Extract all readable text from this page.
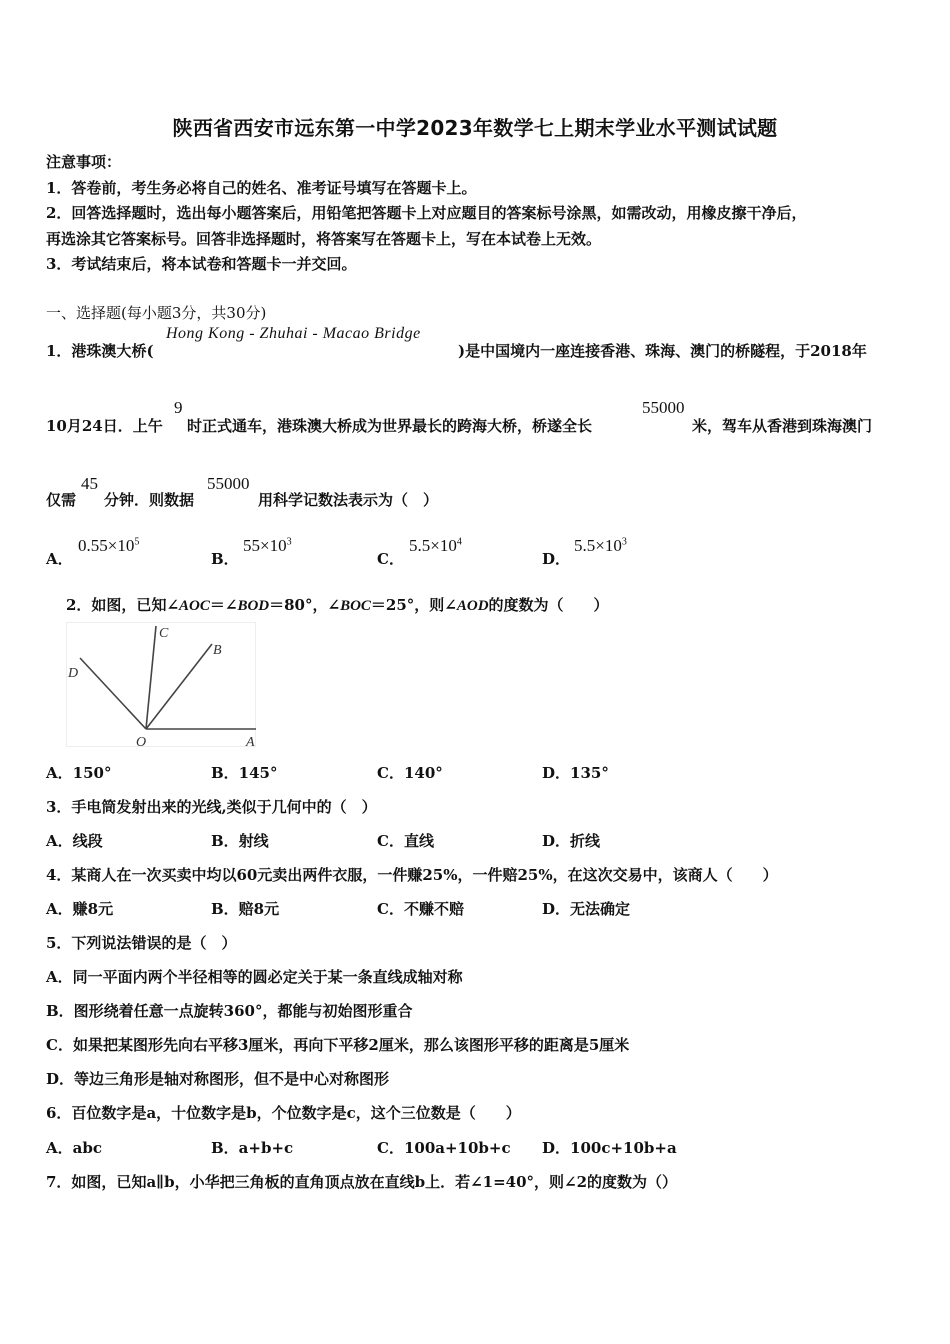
陕西省西安市远东第一中学2023年数学七上期末学业水平测试试题
注意事项：
1．答卷前，考生务必将自己的姓名、准考证号填写在答题卡上。
2．回答选择题时，选出每小题答案后，用铅笔把答题卡上对应题目的答案标号涂黑，如需改动，用橡皮擦干净后，
再选涂其它答案标号。回答非选择题时，将答案写在答题卡上，写在本试卷上无效。
3．考试结束后，将本试卷和答题卡一并交回。
一、选择题(每小题3分，共30分)
1．港珠澳大桥(
Hong Kong - Zhuhai - Macao Bridge
)是中国境内一座连接香港、珠海、澳门的桥隧程，于2018年
10月24日．上午
9
时正式通车，港珠澳大桥成为世界最长的跨海大桥，桥遂全长
55000
米，驾车从香港到珠海澳门
仅需
45
分钟．则数据
55000
用科学记数法表示为（　）
A．
$0.55\times 10^5$
B．
$55\times 10^3$
C．
$5.5\times 10^4$
D．
$5.5\times 10^3$
2．如图，已知∠AOC＝∠BOD＝80°，∠BOC＝25°，则∠AOD的度数为（　　）
C
B
D
O	A
A．150°	B．145°	C．140°	D．135°
3．手电筒发射出来的光线,类似于几何中的（　）
A．线段	B．射线	C．直线	D．折线
4．某商人在一次买卖中均以60元卖出两件衣服，一件赚25%，一件赔25%，在这次交易中，该商人（　　）
A．赚8元	B．赔8元	C．不赚不赔	D．无法确定
5．下列说法错误的是（　）
A．同一平面内两个半径相等的圆必定关于某一条直线成轴对称
B．图形绕着任意一点旋转360°，都能与初始图形重合
C．如果把某图形先向右平移3厘米，再向下平移2厘米，那么该图形平移的距离是5厘米
D．等边三角形是轴对称图形，但不是中心对称图形
6．百位数字是a，十位数字是b，个位数字是c，这个三位数是（　　）
A．abc	B．a+b+c	C．100a+10b+c D．100c+10b+a
7．如图，已知a∥b，小华把三角板的直角顶点放在直线b上．若∠1=40°，则∠2的度数为（）
